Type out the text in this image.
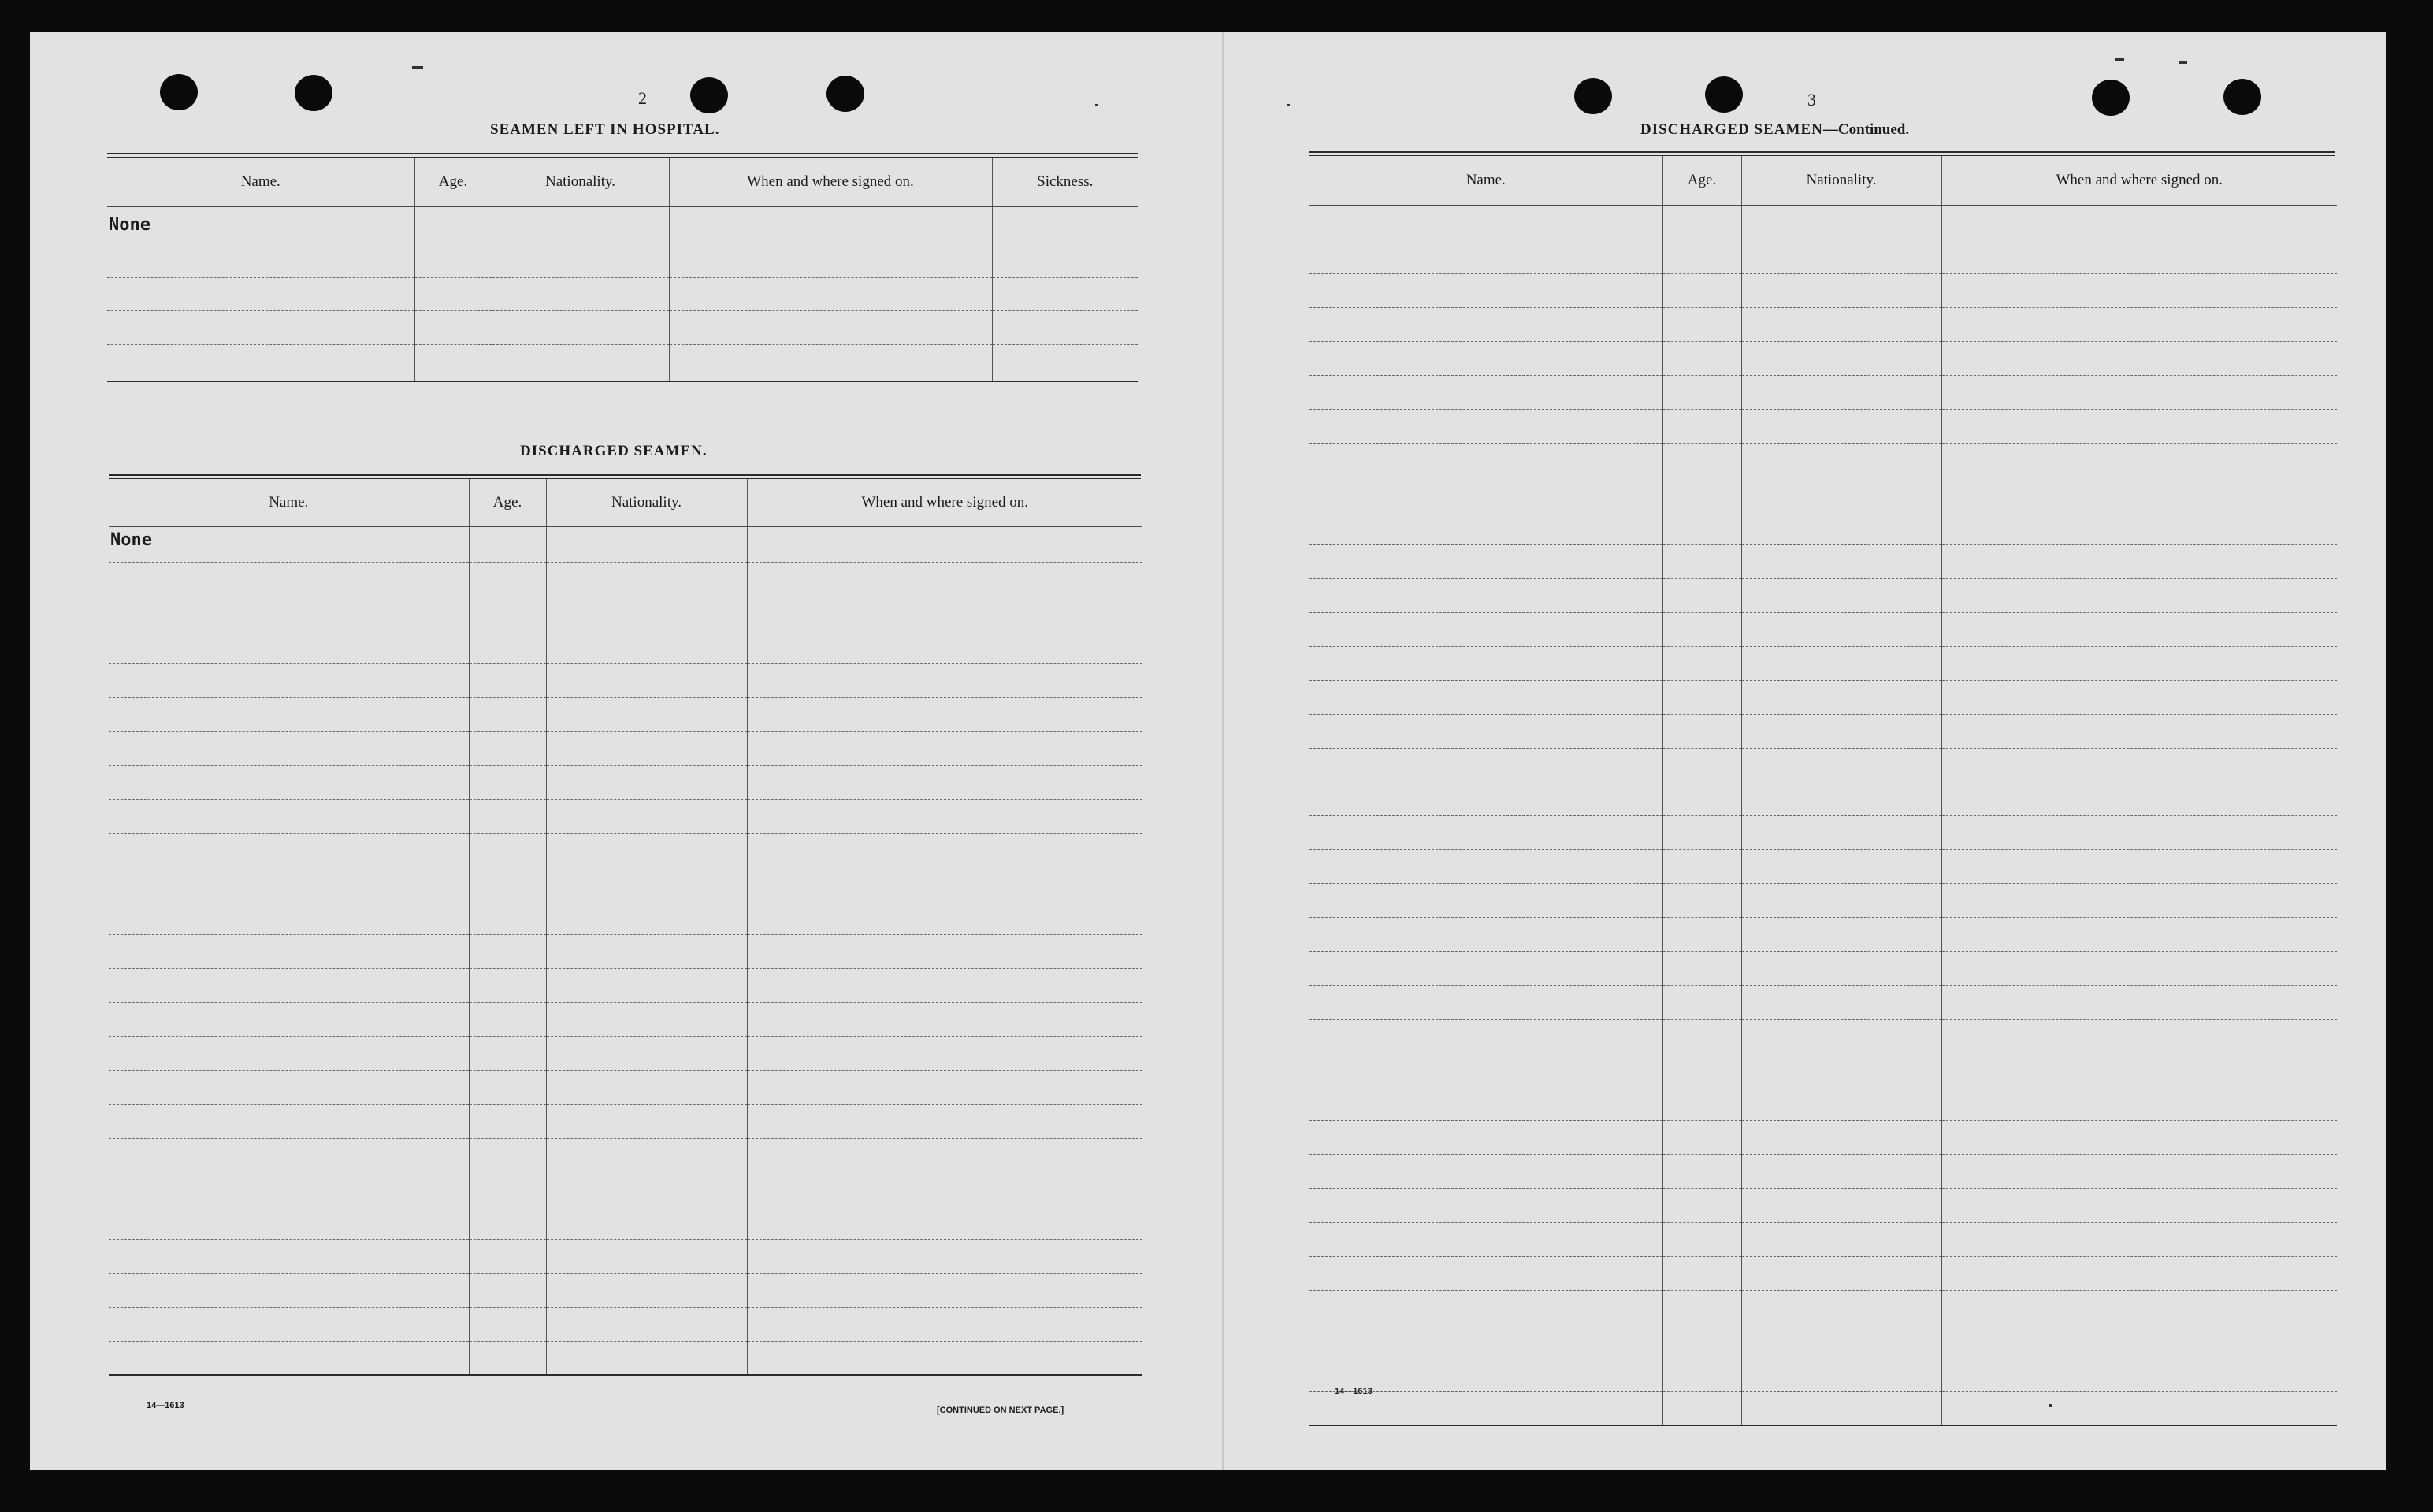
2
SEAMEN LEFT IN HOSPITAL.
Name.	Age.	Nationality.	When and where signed on.	Sickness.
None				

DISCHARGED SEAMEN.
Name.	Age.	Nationality.	When and where signed on.
None			

14—1613	[CONTINUED ON NEXT PAGE.]
3
DISCHARGED SEAMEN—Continued.
Name.	Age.	Nationality.	When and where signed on.

14—1613
